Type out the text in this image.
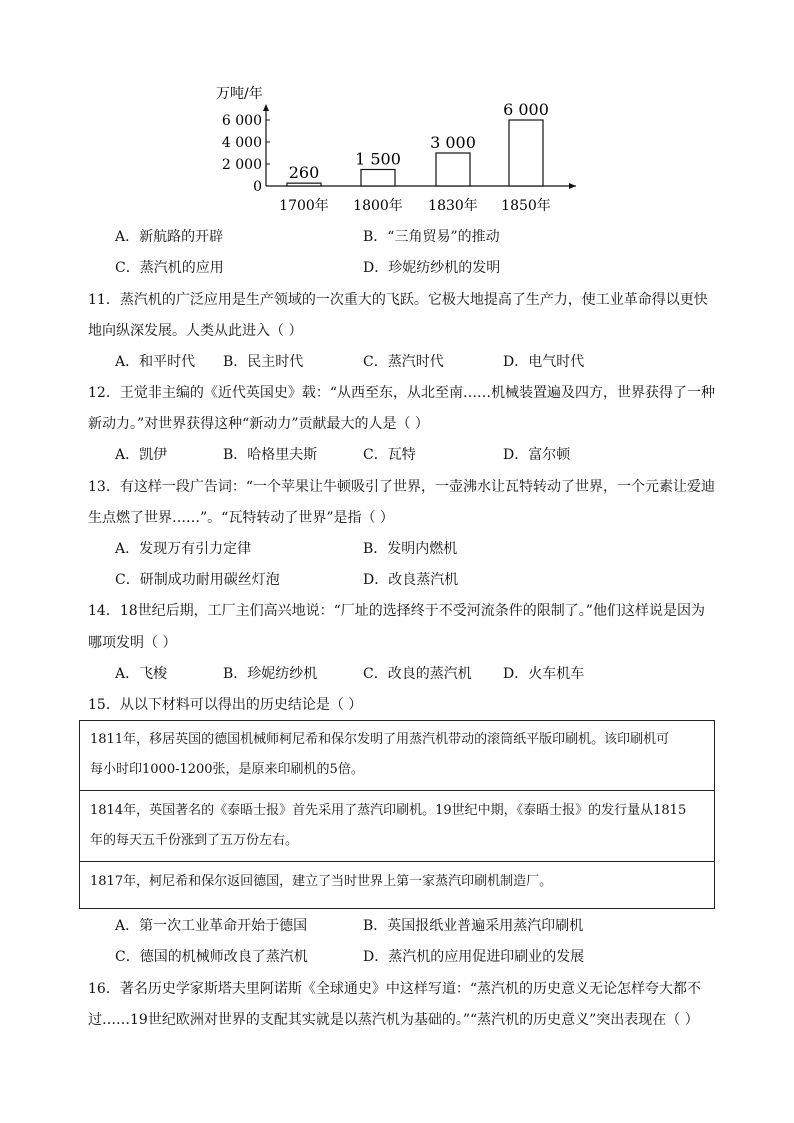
万吨/年
0
2 000
4 000
6 000
260
1700年
1 500
1800年
3 000
1830年
6 000
1850年
A．新航路的开辟	B．“三角贸易”的推动
C．蒸汽机的应用	D．珍妮纺纱机的发明
11．蒸汽机的广泛应用是生产领域的一次重大的飞跃。它极大地提高了生产力，使工业革命得以更快
地向纵深发展。人类从此进入（ ）
A．和平时代 B．民主时代	C．蒸汽时代	D．电气时代
12．王觉非主编的《近代英国史》载：“从西至东，从北至南……机械装置遍及四方，世界获得了一种
新动力。”对世界获得这种“新动力”贡献最大的人是（ ）
A．凯伊	B．哈格里夫斯	C．瓦特	D．富尔顿
13．有这样一段广告词：“一个苹果让牛顿吸引了世界，一壶沸水让瓦特转动了世界，一个元素让爱迪
生点燃了世界……”。“瓦特转动了世界”是指（ ）
A．发现万有引力定律	B．发明内燃机
C．研制成功耐用碳丝灯泡	D．改良蒸汽机
14．18世纪后期，工厂主们高兴地说：“厂址的选择终于不受河流条件的限制了。”他们这样说是因为
哪项发明（ ）
A．飞梭	B．珍妮纺纱机	C．改良的蒸汽机 D．火车机车
15．从以下材料可以得出的历史结论是（ ）
1811年，移居英国的德国机械师柯尼希和保尔发明了用蒸汽机带动的滚筒纸平版印刷机。该印刷机可
每小时印1000-1200张，是原来印刷机的5倍。
1814年，英国著名的《泰晤士报》首先采用了蒸汽印刷机。19世纪中期，《泰晤士报》的发行量从1815
年的每天五千份涨到了五万份左右。
1817年，柯尼希和保尔返回德国，建立了当时世界上第一家蒸汽印刷机制造厂。
A．第一次工业革命开始于德国	B．英国报纸业普遍采用蒸汽印刷机
C．德国的机械师改良了蒸汽机	D．蒸汽机的应用促进印刷业的发展
16．著名历史学家斯塔夫里阿诺斯《全球通史》中这样写道：“蒸汽机的历史意义无论怎样夸大都不
过……19世纪欧洲对世界的支配其实就是以蒸汽机为基础的。”“蒸汽机的历史意义”突出表现在（ ）
